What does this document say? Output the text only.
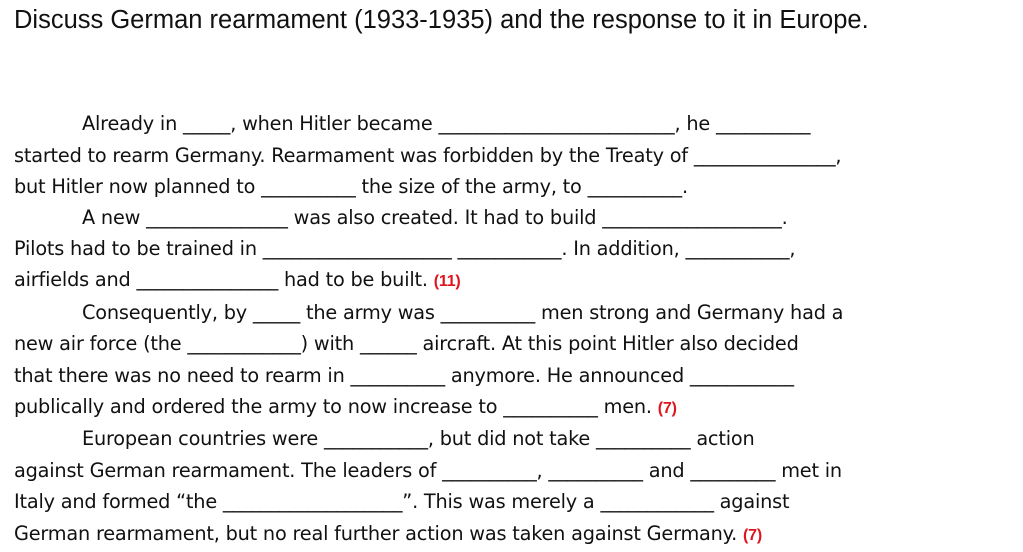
Discuss German rearmament (1933-1935) and the response to it in Europe.
Already in _____, when Hitler became _________________________, he __________
started to rearm Germany. Rearmament was forbidden by the Treaty of _______________,
but Hitler now planned to __________ the size of the army, to __________.
A new _______________ was also created. It had to build ___________________.
Pilots had to be trained in ____________________ ___________. In addition, ___________,
airfields and _______________ had to be built. (11)
Consequently, by _____ the army was __________ men strong and Germany had a
new air force (the ____________) with ______ aircraft. At this point Hitler also decided
that there was no need to rearm in __________ anymore. He announced ___________
publically and ordered the army to now increase to __________ men. (7)
European countries were ___________, but did not take __________ action
against German rearmament. The leaders of __________, __________ and _________ met in
Italy and formed “the ___________________”. This was merely a ____________ against
German rearmament, but no real further action was taken against Germany. (7)
